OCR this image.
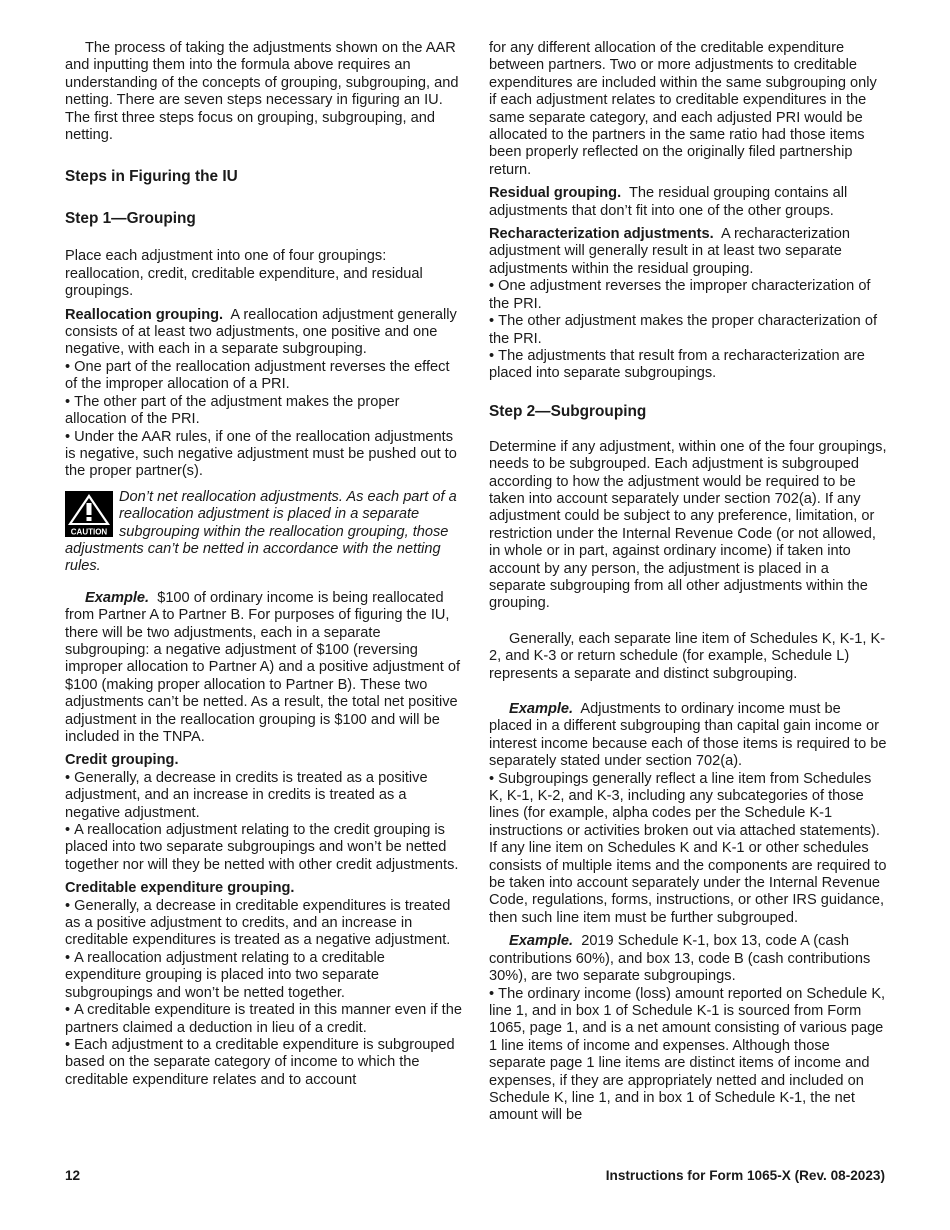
The process of taking the adjustments shown on the AAR and inputting them into the formula above requires an understanding of the concepts of grouping, subgrouping, and netting. There are seven steps necessary in figuring an IU. The first three steps focus on grouping, subgrouping, and netting.

Steps in Figuring the IU
Step 1—Grouping

Place each adjustment into one of four groupings: reallocation, credit, creditable expenditure, and residual groupings.

Reallocation grouping. A reallocation adjustment generally consists of at least two adjustments, one positive and one negative, with each in a separate subgrouping.

• One part of the reallocation adjustment reverses the effect of the improper allocation of a PRI.

• The other part of the adjustment makes the proper allocation of the PRI.

• Under the AAR rules, if one of the reallocation adjustments is negative, such negative adjustment must be pushed out to the proper partner(s).

CAUTION
Don’t net reallocation adjustments. As each part of a reallocation adjustment is placed in a separate subgrouping within the reallocation grouping, those adjustments can’t be netted in accordance with the netting rules.

Example. $100 of ordinary income is being reallocated from Partner A to Partner B. For purposes of figuring the IU, there will be two adjustments, each in a separate subgrouping: a negative adjustment of $100 (reversing improper allocation to Partner A) and a positive adjustment of $100 (making proper allocation to Partner B). These two adjustments can’t be netted. As a result, the total net positive adjustment in the reallocation grouping is $100 and will be included in the TNPA.

Credit grouping.

• Generally, a decrease in credits is treated as a positive adjustment, and an increase in credits is treated as a negative adjustment.

• A reallocation adjustment relating to the credit grouping is placed into two separate subgroupings and won’t be netted together nor will they be netted with other credit adjustments.

Creditable expenditure grouping.

• Generally, a decrease in creditable expenditures is treated as a positive adjustment to credits, and an increase in creditable expenditures is treated as a negative adjustment.

• A reallocation adjustment relating to a creditable expenditure grouping is placed into two separate subgroupings and won’t be netted together.

• A creditable expenditure is treated in this manner even if the partners claimed a deduction in lieu of a credit.

• Each adjustment to a creditable expenditure is subgrouped based on the separate category of income to which the creditable expenditure relates and to account

for any different allocation of the creditable expenditure between partners. Two or more adjustments to creditable expenditures are included within the same subgrouping only if each adjustment relates to creditable expenditures in the same separate category, and each adjusted PRI would be allocated to the partners in the same ratio had those items been properly reflected on the originally filed partnership return.

Residual grouping. The residual grouping contains all adjustments that don’t fit into one of the other groups.

Recharacterization adjustments. A recharacterization adjustment will generally result in at least two separate adjustments within the residual grouping.

• One adjustment reverses the improper characterization of the PRI.

• The other adjustment makes the proper characterization of the PRI.

• The adjustments that result from a recharacterization are placed into separate subgroupings.

Step 2—Subgrouping

Determine if any adjustment, within one of the four groupings, needs to be subgrouped. Each adjustment is subgrouped according to how the adjustment would be required to be taken into account separately under section 702(a). If any adjustment could be subject to any preference, limitation, or restriction under the Internal Revenue Code (or not allowed, in whole or in part, against ordinary income) if taken into account by any person, the adjustment is placed in a separate subgrouping from all other adjustments within the grouping.

Generally, each separate line item of Schedules K, K-1, K-2, and K-3 or return schedule (for example, Schedule L) represents a separate and distinct subgrouping.

Example. Adjustments to ordinary income must be placed in a different subgrouping than capital gain income or interest income because each of those items is required to be separately stated under section 702(a).

• Subgroupings generally reflect a line item from Schedules K, K-1, K-2, and K-3, including any subcategories of those lines (for example, alpha codes per the Schedule K-1 instructions or activities broken out via attached statements). If any line item on Schedules K and K-1 or other schedules consists of multiple items and the components are required to be taken into account separately under the Internal Revenue Code, regulations, forms, instructions, or other IRS guidance, then such line item must be further subgrouped.

Example. 2019 Schedule K-1, box 13, code A (cash contributions 60%), and box 13, code B (cash contributions 30%), are two separate subgroupings.

• The ordinary income (loss) amount reported on Schedule K, line 1, and in box 1 of Schedule K-1 is sourced from Form 1065, page 1, and is a net amount consisting of various page 1 line items of income and expenses. Although those separate page 1 line items are distinct items of income and expenses, if they are appropriately netted and included on Schedule K, line 1, and in box 1 of Schedule K-1, the net amount will be

12	Instructions for Form 1065-X (Rev. 08-2023)
